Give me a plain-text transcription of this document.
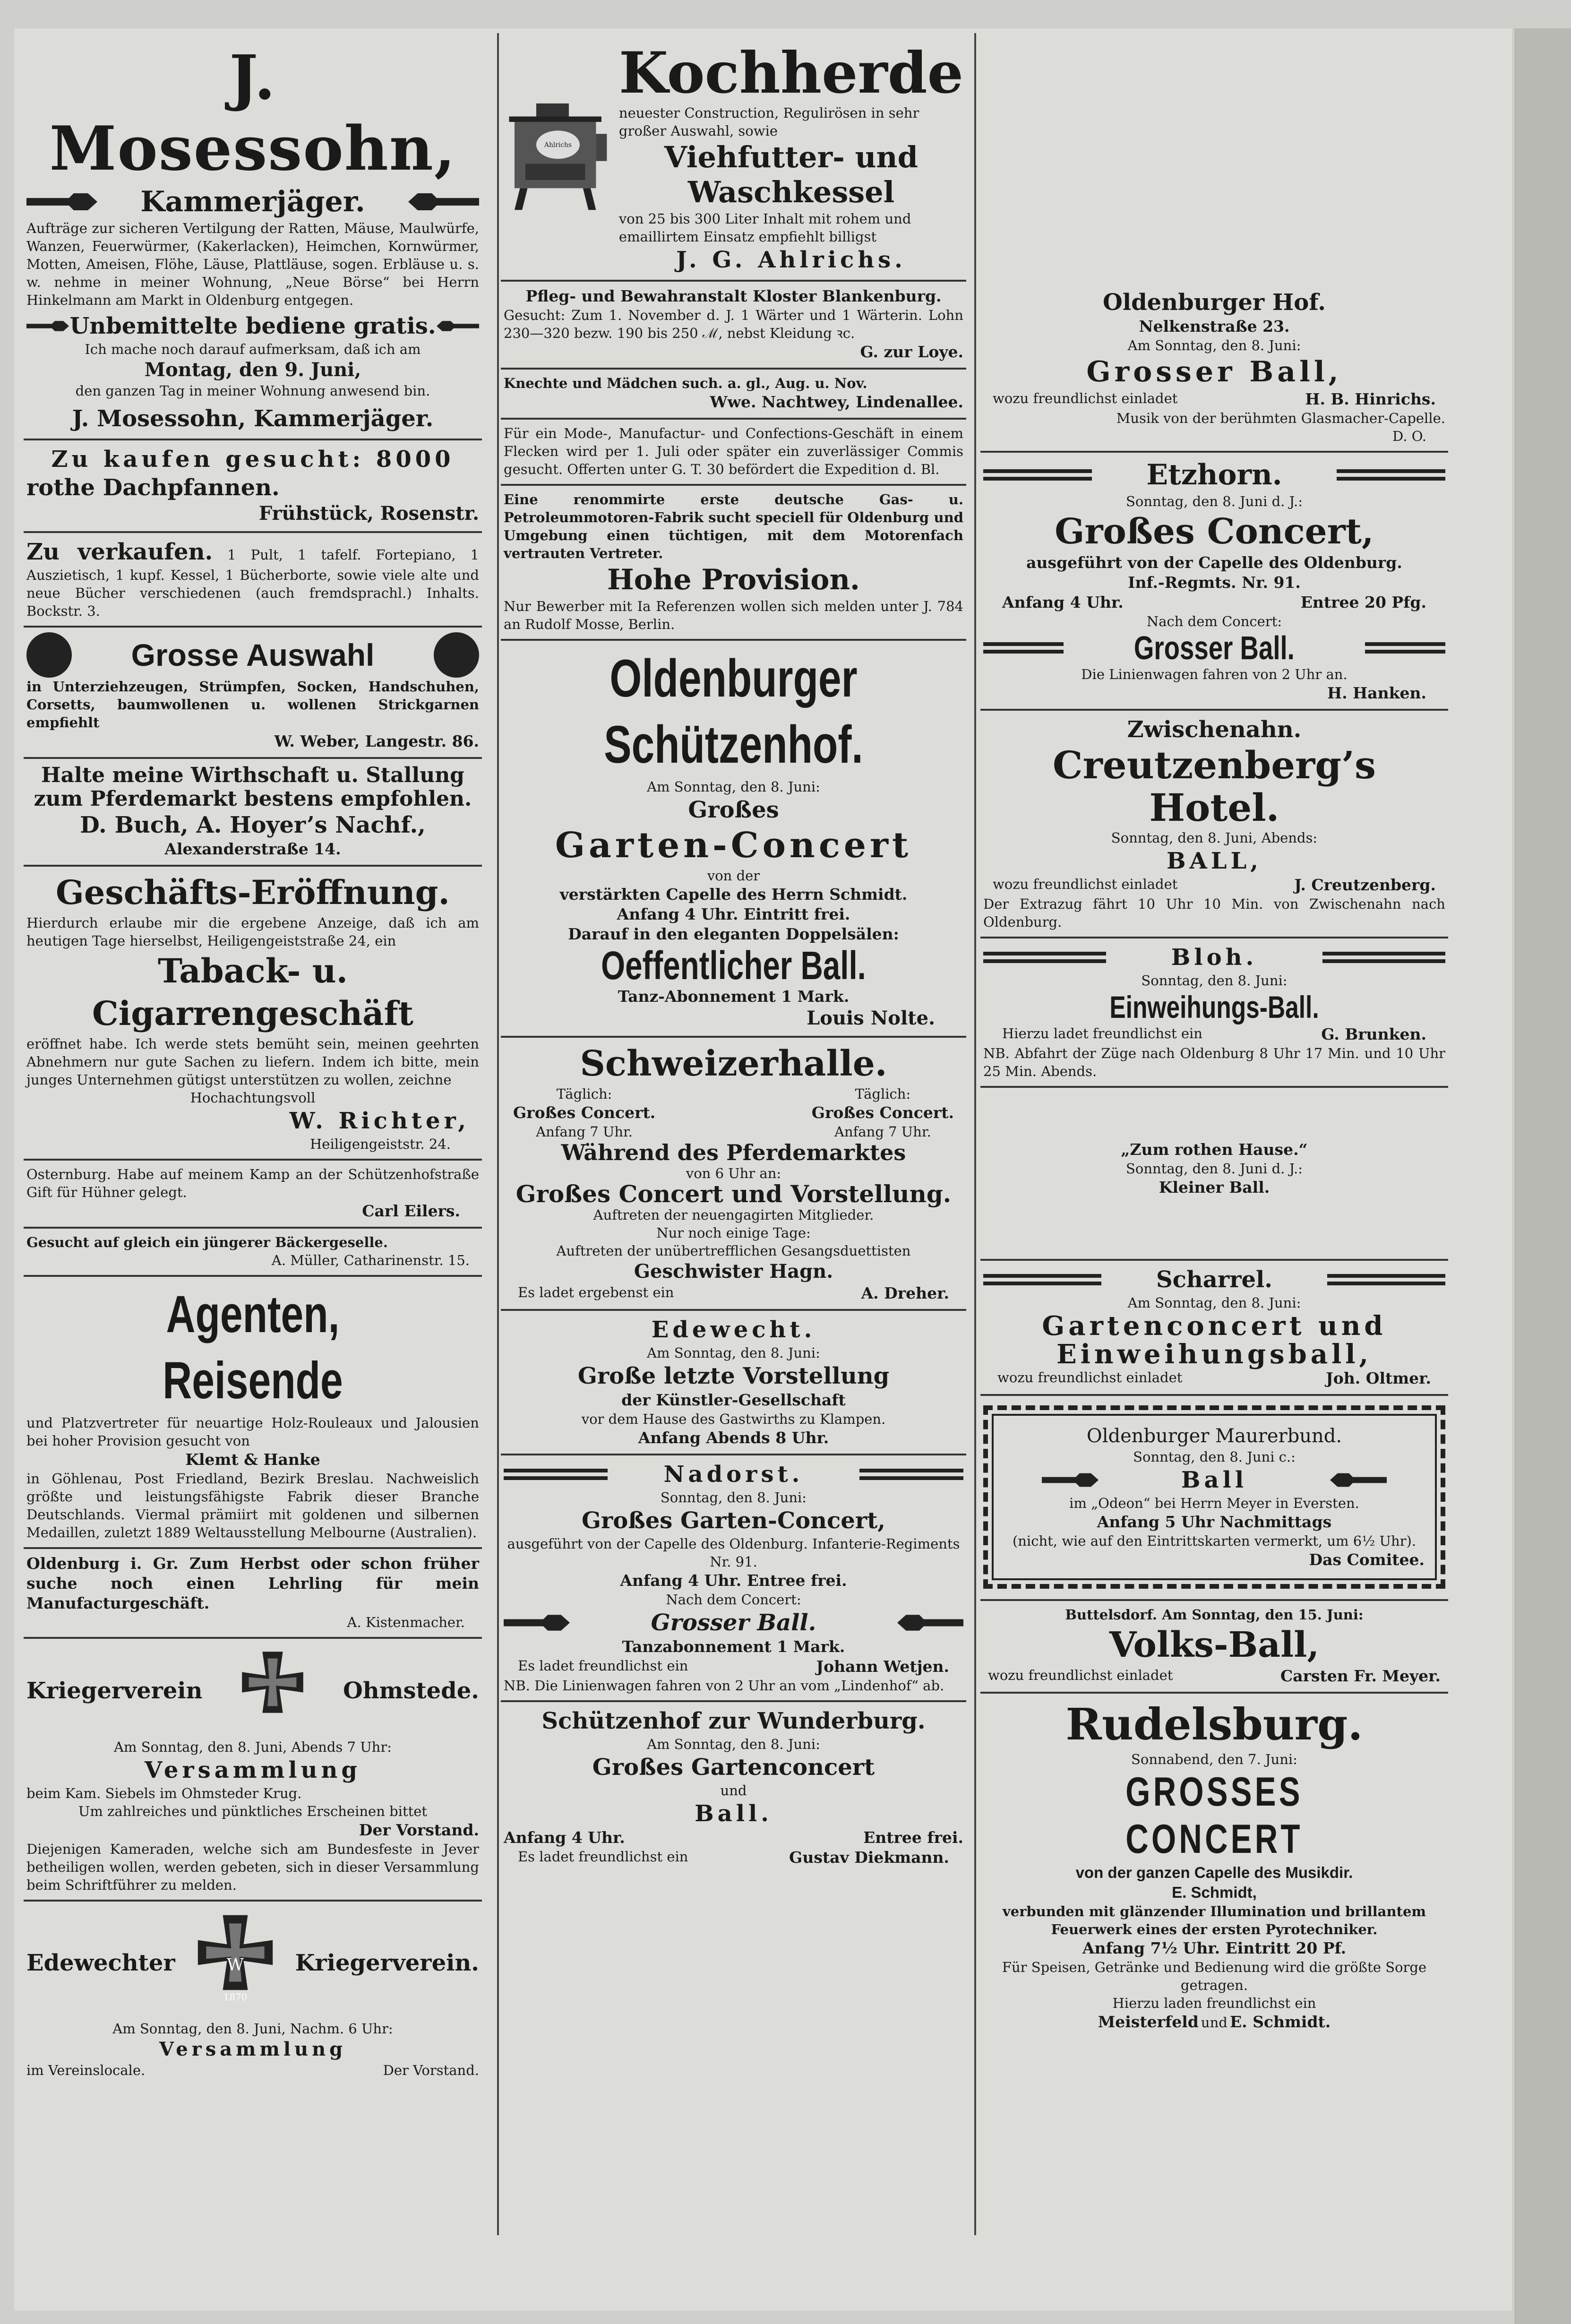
J. Mosessohn,

Kammerjäger.

Aufträge zur sicheren Vertilgung der Ratten, Mäuse, Maulwürfe, Wanzen, Feuerwürmer, (Kakerlacken), Heimchen, Kornwürmer, Motten, Ameisen, Flöhe, Läuse, Plattläuse, sogen. Erbläuse u. s. w. nehme in meiner Wohnung, „Neue Börse“ bei Herrn Hinkelmann am Markt in Oldenburg entgegen.

Unbemittelte bediene gratis.

Ich mache noch darauf aufmerksam, daß ich am

Montag, den 9. Juni,

den ganzen Tag in meiner Wohnung anwesend bin.

J. Mosessohn, Kammerjäger.

Zu kaufen gesucht: 8000

rothe Dachpfannen.

Frühstück, Rosenstr.

Zu verkaufen. 1 Pult, 1 tafelf. Fortepiano, 1 Auszietisch, 1 kupf. Kessel, 1 Bücherborte, sowie viele alte und neue Bücher verschiedenen (auch fremdsprachl.) Inhalts. Bockstr. 3.

Grosse Auswahl

in Unterziehzeugen, Strümpfen, Socken, Handschuhen, Corsetts, baumwollenen u. wollenen Strickgarnen empfiehlt

W. Weber, Langestr. 86.

Halte meine Wirthschaft u. Stallung

zum Pferdemarkt bestens empfohlen.

D. Buch, A. Hoyer’s Nachf.,

Alexanderstraße 14.

Geschäfts-Eröffnung.

Hierdurch erlaube mir die ergebene Anzeige, daß ich am heutigen Tage hierselbst, Heiligengeiststraße 24, ein

Taback- u. Cigarrengeschäft

eröffnet habe. Ich werde stets bemüht sein, meinen geehrten Abnehmern nur gute Sachen zu liefern. Indem ich bitte, mein junges Unternehmen gütigst unterstützen zu wollen, zeichne

Hochachtungsvoll

W. Richter,

Heiligengeiststr. 24.

Osternburg. Habe auf meinem Kamp an der Schützenhofstraße Gift für Hühner gelegt.

Carl Eilers.

Gesucht auf gleich ein jüngerer Bäckergeselle.

A. Müller, Catharinenstr. 15.

Agenten, Reisende

und Platzvertreter für neuartige Holz-Rouleaux und Jalousien bei hoher Provision gesucht von

Klemt & Hanke

in Göhlenau, Post Friedland, Bezirk Breslau. Nachweislich größte und leistungsfähigste Fabrik dieser Branche Deutschlands. Viermal prämiirt mit goldenen und silbernen Medaillen, zuletzt 1889 Weltausstellung Melbourne (Australien).

Oldenburg i. Gr. Zum Herbst oder schon früher suche noch einen Lehrling für mein Manufacturgeschäft.

A. Kistenmacher.

Kriegerverein	Ohmstede.

Am Sonntag, den 8. Juni, Abends 7 Uhr:

Versammlung

beim Kam. Siebels im Ohmsteder Krug.

Um zahlreiches und pünktliches Erscheinen bittet

Der Vorstand.

Diejenigen Kameraden, welche sich am Bundesfeste in Jever betheiligen wollen, werden gebeten, sich in dieser Versammlung beim Schriftführer zu melden.

Edewechter	W
1870
Kriegerverein.

Am Sonntag, den 8. Juni, Nachm. 6 Uhr:

Versammlung

im Vereinslocale.	Der Vorstand.
Ahlrichs

Kochherde

neuester Construction, Regulirösen in sehr großer Auswahl, sowie

Viehfutter- und Waschkessel

von 25 bis 300 Liter Inhalt mit rohem und emaillirtem Einsatz empfiehlt billigst

J. G. Ahlrichs.

Pfleg- und Bewahranstalt Kloster Blankenburg.

Gesucht: Zum 1. November d. J. 1 Wärter und 1 Wärterin. Lohn 230—320 bezw. 190 bis 250 ℳ, nebst Kleidung ꝛc.

G. zur Loye.

Knechte und Mädchen such. a. gl., Aug. u. Nov.

Wwe. Nachtwey, Lindenallee.

Für ein Mode-, Manufactur- und Confections-Geschäft in einem Flecken wird per 1. Juli oder später ein zuverlässiger Commis gesucht. Offerten unter G. T. 30 befördert die Expedition d. Bl.

Eine renommirte erste deutsche Gas- u. Petroleummotoren-Fabrik sucht speciell für Oldenburg und Umgebung einen tüchtigen, mit dem Motorenfach vertrauten Vertreter.

Hohe Provision.

Nur Bewerber mit Ia Referenzen wollen sich melden unter J. 784 an Rudolf Mosse, Berlin.

Oldenburger Schützenhof.

Am Sonntag, den 8. Juni:

Großes

Garten-Concert

von der

verstärkten Capelle des Herrn Schmidt.

Anfang 4 Uhr. Eintritt frei.

Darauf in den eleganten Doppelsälen:

Oeffentlicher Ball.

Tanz-Abonnement 1 Mark.

Louis Nolte.

Schweizerhalle.

Täglich:

Großes Concert.

Anfang 7 Uhr.

Täglich:

Großes Concert.

Anfang 7 Uhr.

Während des Pferdemarktes

von 6 Uhr an:

Großes Concert und Vorstellung.

Auftreten der neuengagirten Mitglieder.

Nur noch einige Tage:

Auftreten der unübertrefflichen Gesangsduettisten

Geschwister Hagn.

Es ladet ergebenst ein	A. Dreher.

Edewecht.

Am Sonntag, den 8. Juni:

Große letzte Vorstellung

der Künstler-Gesellschaft

vor dem Hause des Gastwirths zu Klampen.

Anfang Abends 8 Uhr.

Nadorst.

Sonntag, den 8. Juni:

Großes Garten-Concert,

ausgeführt von der Capelle des Oldenburg. Infanterie-Regiments Nr. 91.

Anfang 4 Uhr. Entree frei.

Nach dem Concert:

Grosser Ball.

Tanzabonnement 1 Mark.

Es ladet freundlichst ein	Johann Wetjen.

NB. Die Linienwagen fahren von 2 Uhr an vom „Lindenhof“ ab.

Schützenhof zur Wunderburg.

Am Sonntag, den 8. Juni:

Großes Gartenconcert

und

Ball.

Anfang 4 Uhr.	Entree frei.
Es ladet freundlichst ein	Gustav Diekmann.

Oldenburger Hof.

Nelkenstraße 23.

Am Sonntag, den 8. Juni:

Grosser Ball,

wozu freundlichst einladet	H. B. Hinrichs.

Musik von der berühmten Glasmacher-Capelle.

D. O.

Etzhorn.

Sonntag, den 8. Juni d. J.:

Großes Concert,

ausgeführt von der Capelle des Oldenburg.

Inf.-Regmts. Nr. 91.

Anfang 4 Uhr.	Entree 20 Pfg.

Nach dem Concert:

Grosser Ball.

Die Linienwagen fahren von 2 Uhr an.

H. Hanken.

Zwischenahn.

Creutzenberg’s Hotel.

Sonntag, den 8. Juni, Abends:

BALL,

wozu freundlichst einladet	J. Creutzenberg.

Der Extrazug fährt 10 Uhr 10 Min. von Zwischenahn nach Oldenburg.

Bloh.

Sonntag, den 8. Juni:

Einweihungs-Ball.

Hierzu ladet freundlichst ein	G. Brunken.

NB. Abfahrt der Züge nach Oldenburg 8 Uhr 17 Min. und 10 Uhr 25 Min. Abends.

„Zum rothen Hause.“

Sonntag, den 8. Juni d. J.:

Kleiner Ball.

Scharrel.

Am Sonntag, den 8. Juni:

Gartenconcert und

Einweihungsball,

wozu freundlichst einladet	Joh. Oltmer.

Oldenburger Maurerbund.

Sonntag, den 8. Juni c.:

Ball

im „Odeon“ bei Herrn Meyer in Eversten.

Anfang 5 Uhr Nachmittags

(nicht, wie auf den Eintrittskarten vermerkt, um 6½ Uhr).

Das Comitee.

Buttelsdorf. Am Sonntag, den 15. Juni:

Volks-Ball,

wozu freundlichst einladet	Carsten Fr. Meyer.

Rudelsburg.

Sonnabend, den 7. Juni:

GROSSES CONCERT

von der ganzen Capelle des Musikdir.

E. Schmidt,

verbunden mit glänzender Illumination und brillantem Feuerwerk eines der ersten Pyrotechniker.

Anfang 7½ Uhr. Eintritt 20 Pf.

Für Speisen, Getränke und Bedienung wird die größte Sorge getragen.

Hierzu laden freundlichst ein

Meisterfeld und E. Schmidt.
